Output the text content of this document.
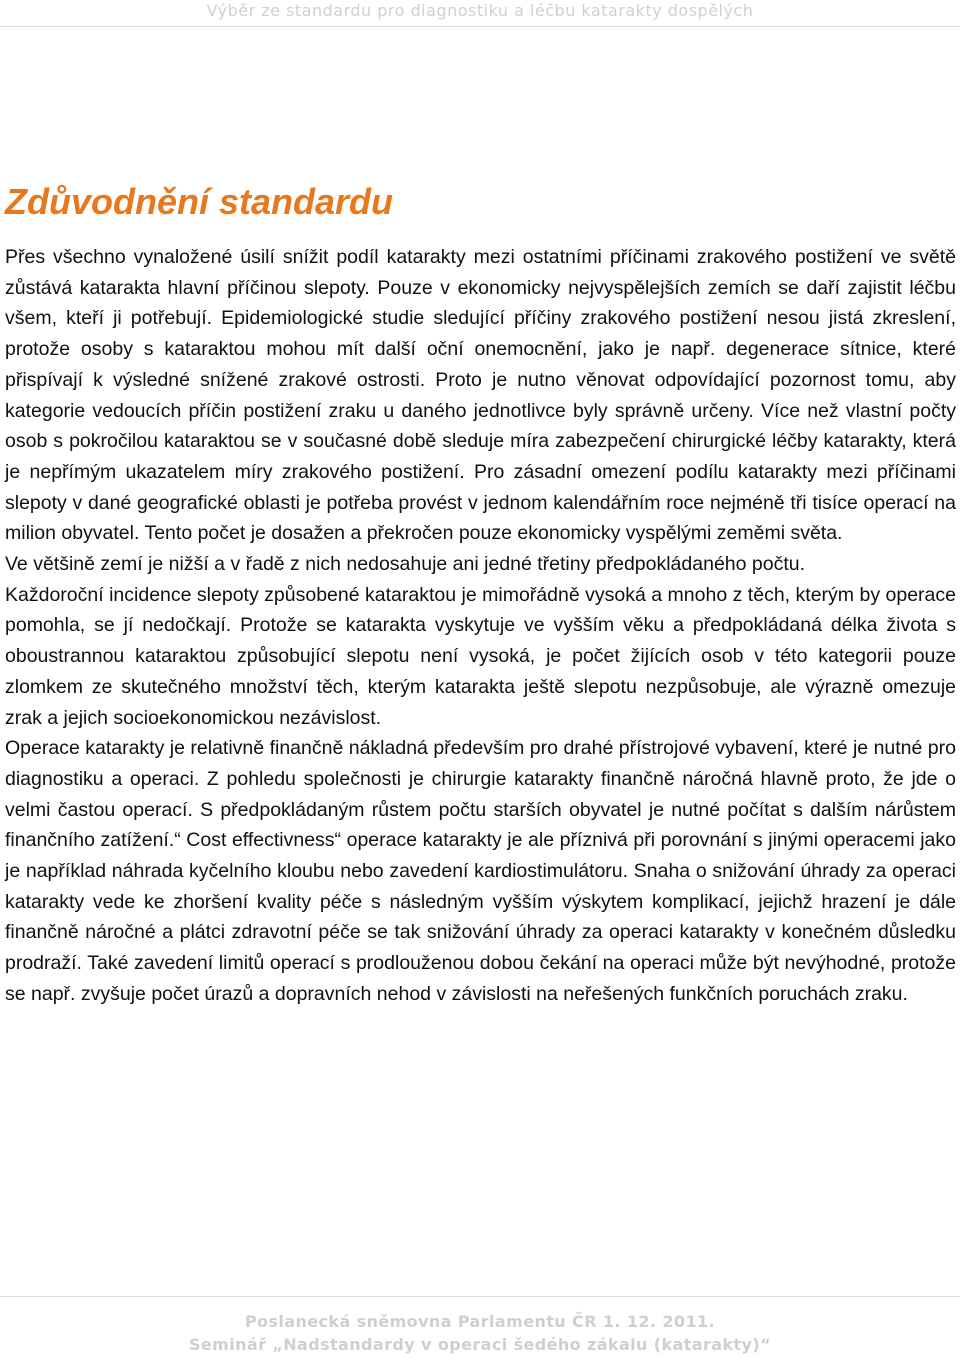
Výběr ze standardu pro diagnostiku a léčbu katarakty dospělých
Zdůvodnění standardu

Přes všechno vynaložené úsilí snížit podíl katarakty mezi ostatními příčinami zrakového postižení ve světě zůstává katarakta hlavní příčinou slepoty. Pouze v ekonomicky nejvyspělejších zemích se daří zajistit léčbu všem, kteří ji potřebují. Epidemiologické studie sledující příčiny zrakového postižení nesou jistá zkreslení, protože osoby s kataraktou mohou mít další oční onemocnění, jako je např. degenerace sítnice, které přispívají k výsledné snížené zrakové ostrosti. Proto je nutno věnovat odpovídající pozornost tomu, aby kategorie vedoucích příčin postižení zraku u daného jednotlivce byly správně určeny. Více než vlastní počty osob s pokročilou kataraktou se v současné době sleduje míra zabezpečení chirurgické léčby katarakty, která je nepřímým ukazatelem míry zrakového postižení. Pro zásadní omezení podílu katarakty mezi příčinami slepoty v dané geografické oblasti je potřeba provést v jednom kalendářním roce nejméně tři tisíce operací na milion obyvatel. Tento počet je dosažen a překročen pouze ekonomicky vyspělými zeměmi světa.

Ve většině zemí je nižší a v řadě z nich nedosahuje ani jedné třetiny předpokládaného počtu.

Každoroční incidence slepoty způsobené kataraktou je mimořádně vysoká a mnoho z těch, kterým by operace pomohla, se jí nedočkají. Protože se katarakta vyskytuje ve vyšším věku a předpokládaná délka života s oboustrannou kataraktou způsobující slepotu není vysoká, je počet žijících osob v této kategorii pouze zlomkem ze skutečného množství těch, kterým katarakta ještě slepotu nezpůsobuje, ale výrazně omezuje zrak a jejich socioekonomickou nezávislost.

Operace katarakty je relativně finančně nákladná především pro drahé přístrojové vybavení, které je nutné pro diagnostiku a operaci. Z pohledu společnosti je chirurgie katarakty finančně náročná hlavně proto, že jde o velmi častou operací. S předpokládaným růstem počtu starších obyvatel je nutné počítat s dalším nárůstem finančního zatížení.“ Cost effectivness“ operace katarakty je ale příznivá při porovnání s jinými operacemi jako je například náhrada kyčelního kloubu nebo zavedení kardiostimulátoru. Snaha o snižování úhrady za operaci katarakty vede ke zhoršení kvality péče s následným vyšším výskytem komplikací, jejichž hrazení je dále finančně náročné a plátci zdravotní péče se tak snižování úhrady za operaci katarakty v konečném důsledku prodraží. Také zavedení limitů operací s prodlouženou dobou čekání na operaci může být nevýhodné, protože se např. zvyšuje počet úrazů a dopravních nehod v závislosti na neřešených funkčních poruchách zraku.

Poslanecká sněmovna Parlamentu ČR 1. 12. 2011.
Seminář „Nadstandardy v operaci šedého zákalu (katarakty)“
